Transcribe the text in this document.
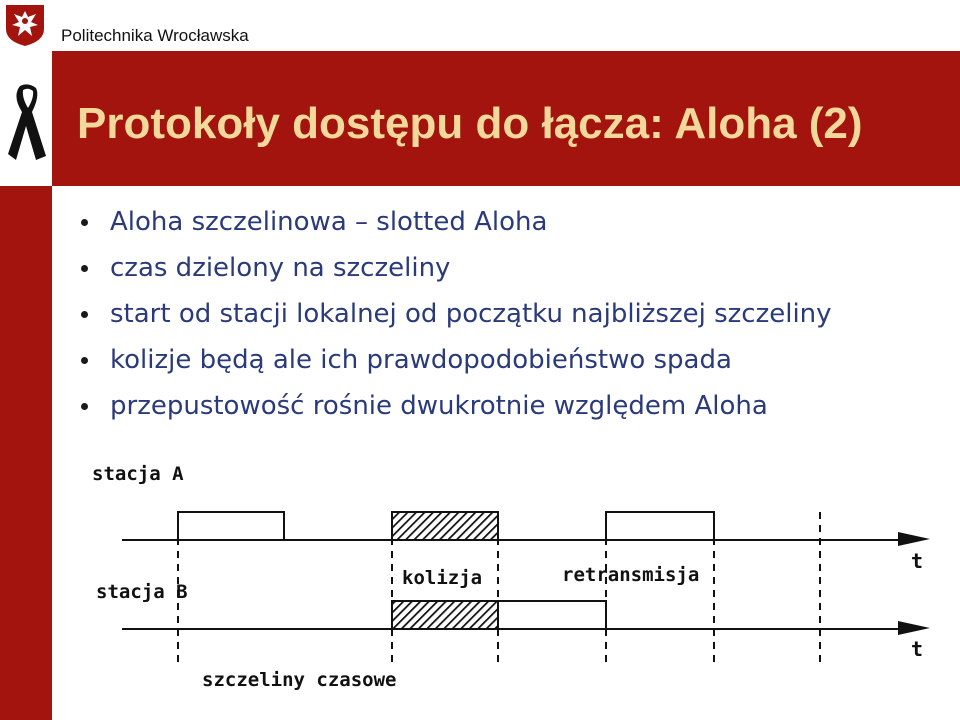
Politechnika Wrocławska
Protokoły dostępu do łącza: Aloha (2)
Aloha szczelinowa – slotted Aloha
czas dzielony na szczeliny
start od stacji lokalnej od początku najbliższej szczeliny
kolizje będą ale ich prawdopodobieństwo spada
przepustowość rośnie dwukrotnie względem Aloha
stacja A
stacja B
kolizja	retransmisja
t
t
szczeliny czasowe
